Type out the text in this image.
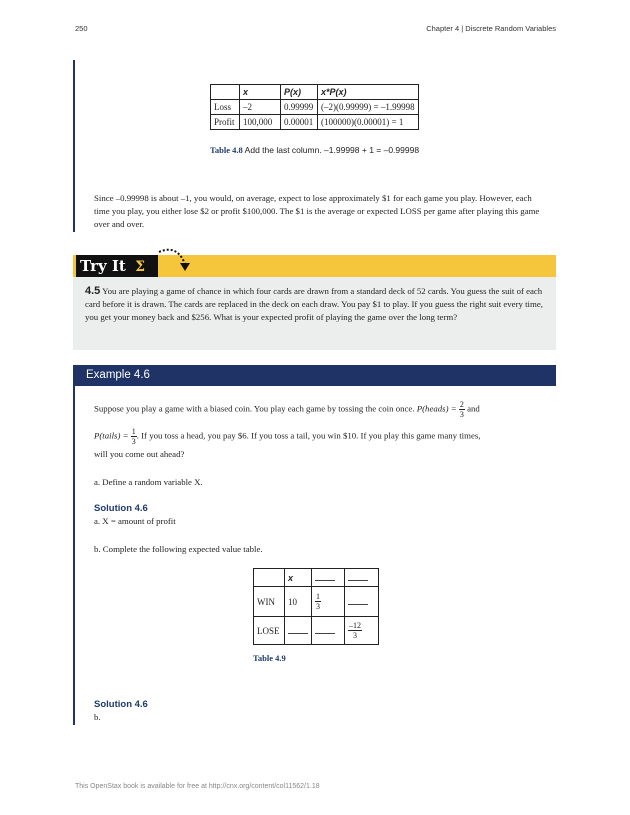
250	Chapter 4 | Discrete Random Variables
	x	P(x)	x*P(x)
Loss	–2	0.99999	(–2)(0.99999) = –1.99998
Profit	100,000	0.00001	(100000)(0.00001) = 1
Table 4.8 Add the last column. –1.99998 + 1 = –0.99998
Since –0.99998 is about –1, you would, on average, expect to lose approximately $1 for each game you play. However, each time you play, you either lose $2 or profit $100,000. The $1 is the average or expected LOSS per game after playing this game over and over.
Try It Σ
4.5 You are playing a game of chance in which four cards are drawn from a standard deck of 52 cards. You guess the suit of each card before it is drawn. The cards are replaced in the deck on each draw. You pay $1 to play. If you guess the right suit every time, you get your money back and $256. What is your expected profit of playing the game over the long term?
Example 4.6
Suppose you play a game with a biased coin. You play each game by tossing the coin once. P(heads) = $\frac{2}{3}$ and
P(tails) = $\frac{1}{3}$ . If you toss a head, you pay $6. If you toss a tail, you win $10. If you play this game many times,
will you come out ahead?
a. Define a random variable X.
Solution 4.6
a. X = amount of profit
b. Complete the following expected value table.
	x		
WIN	10	$\frac{1}{3}$

LOSE			$\frac{-12}{3}$
Table 4.9
Solution 4.6
b.
This OpenStax book is available for free at http://cnx.org/content/col11562/1.18
